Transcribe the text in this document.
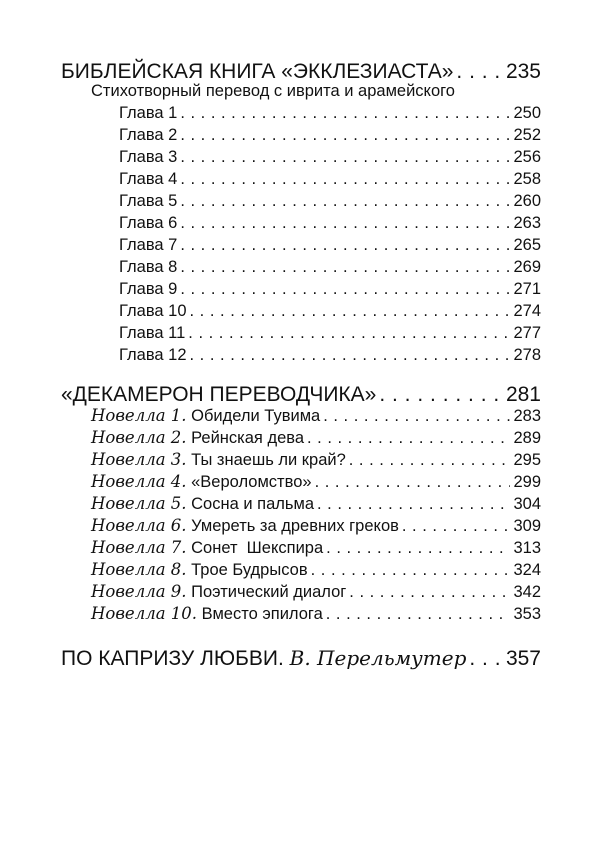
БИБЛЕЙСКАЯ КНИГА «ЭККЛЕЗИАСТА» . . .	235
Стихотворный перевод с иврита и арамейского
Глава 1 . . .	250
Глава 2 . . .	252
Глава 3 . . .	256
Глава 4 . . .	258
Глава 5 . . .	260
Глава 6 . . .	263
Глава 7 . . .	265
Глава 8 . . .	269
Глава 9 . . .	271
Глава 10 . . .	274
Глава 11 . . .	277
Глава 12 . . .	278
«ДЕКАМЕРОН ПЕРЕВОДЧИКА» . . .	281
Новелла 1. Обидели Тувима . . .	283
Новелла 2. Рейнская дева . . .	289
Новелла 3. Ты знаешь ли край? . . .	295
Новелла 4. «Вероломство» . . .	299
Новелла 5. Сосна и пальма . . .	304
Новелла 6. Умереть за древних греков . . .	309
Новелла 7. Сонет  Шекспира . . .	313
Новелла 8. Трое Будрысов . . .	324
Новелла 9. Поэтический диалог . . .	342
Новелла 10. Вместо эпилога . . .	353
ПО КАПРИЗУ ЛЮБВИ. В. Перельмутер . . . 357
